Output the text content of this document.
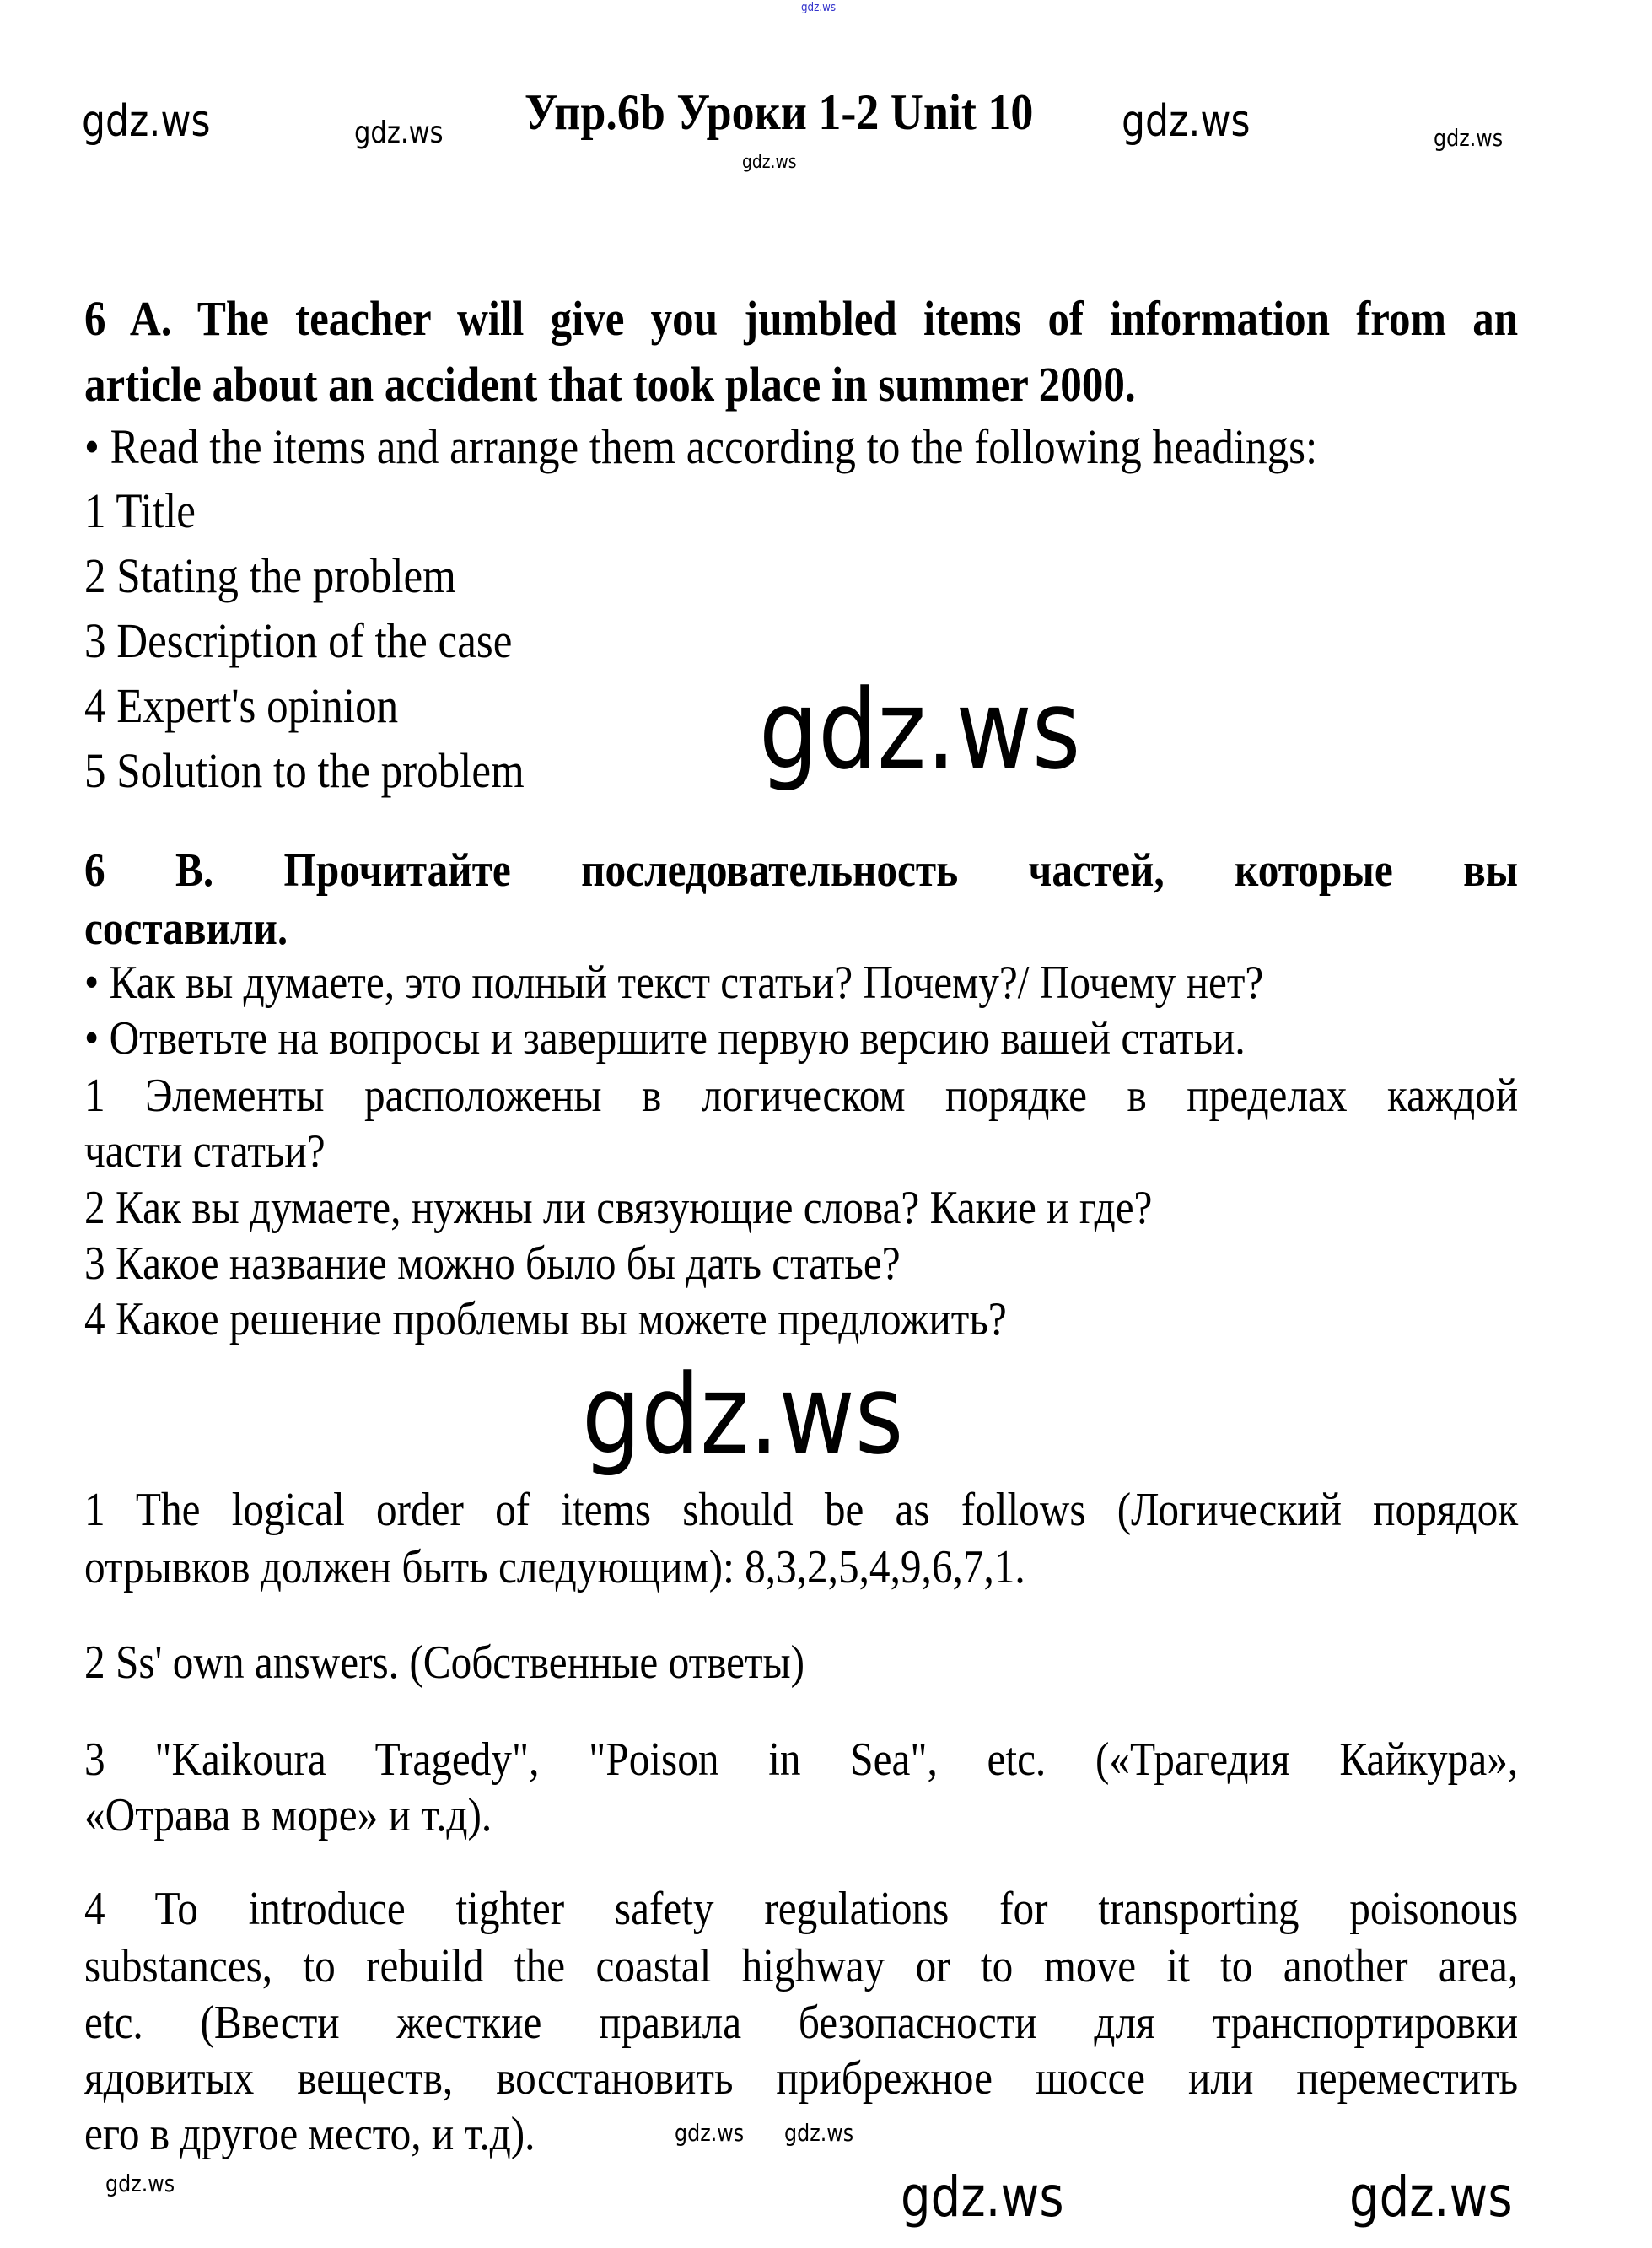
gdz.ws
gdz.ws	gdz.ws
gdz.ws
gdz.ws	gdz.ws
Упр.6b Уроки 1-2 Unit 10
6 A. The teacher will give you jumbled items of information from an
article about an accident that took place in summer 2000.
• Read the items and arrange them according to the following headings:
1 Title
2 Stating the problem
3 Description of the case
4 Expert's opinion
5 Solution to the problem	gdz.ws
6 B. Прочитайте последовательность частей, которые вы
составили.
• Как вы думаете, это полный текст статьи? Почему?/ Почему нет?
• Ответьте на вопросы и завершите первую версию вашей статьи.
1 Элементы расположены в логическом порядке в пределах каждой
части статьи?
2 Как вы думаете, нужны ли связующие слова? Какие и где?
3 Какое название можно было бы дать статье?
4 Какое решение проблемы вы можете предложить?
gdz.ws
1 The logical order of items should be as follows (Логический порядок
отрывков должен быть следующим): 8,3,2,5,4,9,6,7,1.
2 Ss' own answers. (Собственные ответы)
3 "Kaikoura Tragedy", "Poison in Sea", etc. («Трагедия Кайкура»,
«Отрава в море» и т.д).
4 To introduce tighter safety regulations for transporting poisonous
substances, to rebuild the coastal highway or to move it to another area,
etc. (Ввести жесткие правила безопасности для транспортировки
ядовитых веществ, восстановить прибрежное шоссе или переместить
его в другое место, и т.д).	gdz.ws gdz.ws
gdz.ws	gdz.ws	gdz.ws
